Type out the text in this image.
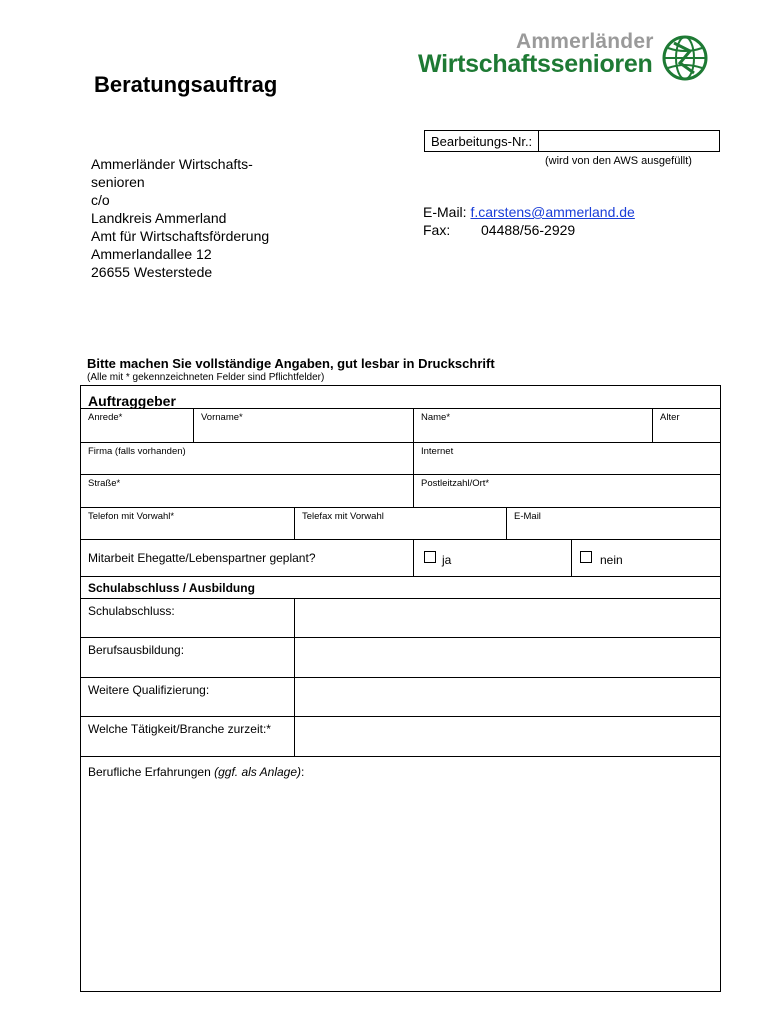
Beratungsauftrag
Ammerländer
Wirtschaftssenioren
Bearbeitungs-Nr.:
(wird von den AWS ausgefüllt)
Ammerländer Wirtschafts-
senioren
c/o
Landkreis Ammerland
Amt für Wirtschaftsförderung
Ammerlandallee 12
26655 Westerstede
E-Mail: f.carstens@ammerland.de
Fax: 04488/56-2929
Bitte machen Sie vollständige Angaben, gut lesbar in Druckschrift
(Alle mit * gekennzeichneten Felder sind Pflichtfelder)
Auftraggeber
Anrede*	Vorname*	Name*	Alter
Firma (falls vorhanden)	Internet
Straße*	Postleitzahl/Ort*
Telefon mit Vorwahl*	Telefax mit Vorwahl	E-Mail
Mitarbeit Ehegatte/Lebenspartner geplant?	ja	nein
Schulabschluss / Ausbildung
Schulabschluss:
Berufsausbildung:
Weitere Qualifizierung:
Welche Tätigkeit/Branche zurzeit:*
Berufliche Erfahrungen (ggf. als Anlage):
